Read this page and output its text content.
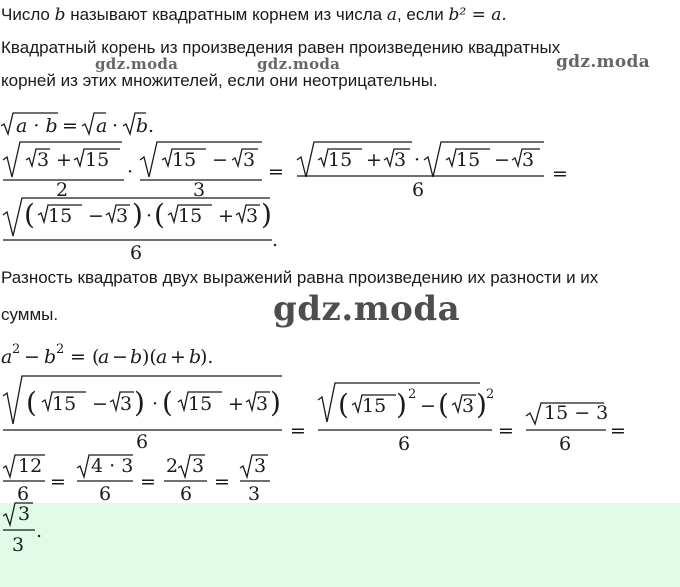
Число b называют квадратным корнем из числа a, если b² = a.
Квадратный корень из произведения равен произведению квадратных
корней из этих множителей, если они неотрицательны.
Разность квадратов двух выражений равна произведению их разности и их
суммы.
gdz.moda	gdz.moda	gdz.moda
gdz.moda
a · b = a · b .
3 + 15
2
·
15 − 3
3
=
15 + 3 · 15 − 3
6
=
( 15 − 3 ) · ( 15 + 3 )
6
.
a 2 − b 2 = (
a − b )( a + b
).
( 15 − 3 ) · ( 15 + 3 )
6	=
( 15 ) 2
− ( 3 ) 2
6
=
15 − 3
6
=
12
6
=
4 · 3
6
=
2 3
6
=
3
3
3
3
.
